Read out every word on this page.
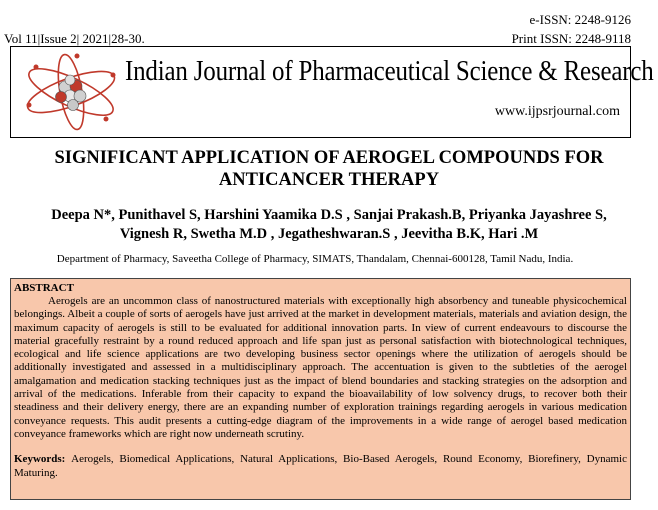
e-ISSN: 2248-9126
Vol 11|Issue 2| 2021|28-30.	Print ISSN: 2248-9118
Indian Journal of Pharmaceutical Science & Research
www.ijpsrjournal.com
SIGNIFICANT APPLICATION OF AEROGEL COMPOUNDS FOR
ANTICANCER THERAPY
Deepa N*, Punithavel S, Harshini Yaamika D.S , Sanjai Prakash.B, Priyanka Jayashree S,
Vignesh R, Swetha M.D , Jegatheshwaran.S , Jeevitha B.K, Hari .M
Department of Pharmacy, Saveetha College of Pharmacy, SIMATS, Thandalam, Chennai-600128, Tamil Nadu, India.
ABSTRACT

Aerogels are an uncommon class of nanostructured materials with exceptionally high absorbency and tuneable physicochemical belongings. Albeit a couple of sorts of aerogels have just arrived at the market in development materials, materials and aviation design, the maximum capacity of aerogels is still to be evaluated for additional innovation parts. In view of current endeavours to discourse the material gracefully restraint by a round reduced approach and life span just as personal satisfaction with biotechnological techniques, ecological and life science applications are two developing business sector openings where the utilization of aerogels should be additionally investigated and assessed in a multidisciplinary approach. The accentuation is given to the subtleties of the aerogel amalgamation and medication stacking techniques just as the impact of blend boundaries and stacking strategies on the adsorption and arrival of the medications. Inferable from their capacity to expand the bioavailability of low solvency drugs, to recover both their steadiness and their delivery energy, there are an expanding number of exploration trainings regarding aerogels in various medication conveyance requests. This audit presents a cutting-edge diagram of the improvements in a wide range of aerogel based medication conveyance frameworks which are right now underneath scrutiny.

Keywords: Aerogels, Biomedical Applications, Natural Applications, Bio-Based Aerogels, Round Economy, Biorefinery, Dynamic Maturing.
